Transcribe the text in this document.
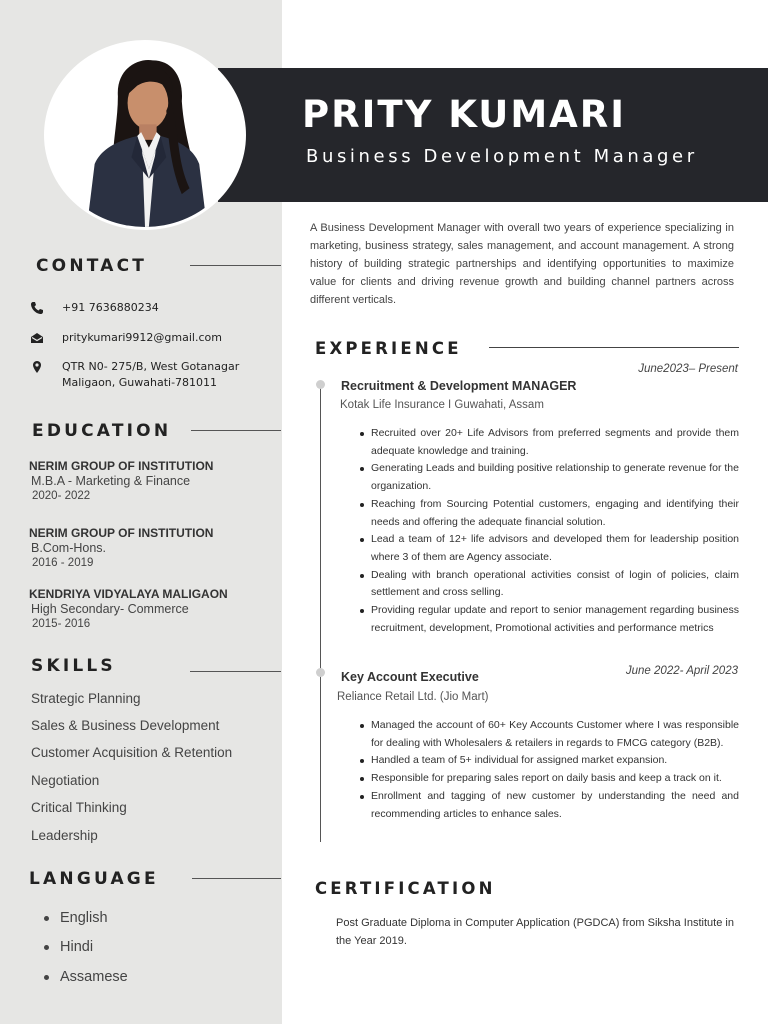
PRITY KUMARI
Business Development Manager
CONTACT
+91 7636880234
pritykumari9912@gmail.com
QTR N0- 275/B, West Gotanagar
Maligaon, Guwahati-781011
EDUCATION
NERIM GROUP OF INSTITUTION
M.B.A - Marketing & Finance
2020- 2022
NERIM GROUP OF INSTITUTION
B.Com-Hons.
2016 - 2019
KENDRIYA VIDYALAYA MALIGAON
High Secondary- Commerce
2015- 2016
SKILLS
Strategic Planning
Sales & Business Development
Customer Acquisition & Retention
Negotiation
Critical Thinking
Leadership
LANGUAGE
English
Hindi
Assamese
A Business Development Manager with overall two years of experience specializing in marketing, business strategy, sales management, and account management. A strong history of building strategic partnerships and identifying opportunities to maximize value for clients and driving revenue growth and building channel partners across different verticals.
EXPERIENCE
June2023– Present
Recruitment & Development MANAGER
Kotak Life Insurance I Guwahati, Assam
Recruited over 20+ Life Advisors from preferred segments and provide them adequate knowledge and training.
Generating Leads and building positive relationship to generate revenue for the organization.
Reaching from Sourcing Potential customers, engaging and identifying their needs and offering the adequate financial solution.
Lead a team of 12+ life advisors and developed them for leadership position where 3 of them are Agency associate.
Dealing with branch operational activities consist of login of policies, claim settlement and cross selling.
Providing regular update and report to senior management regarding business recruitment, development, Promotional activities and performance metrics
June 2022- April 2023
Key Account Executive
Reliance Retail Ltd. (Jio Mart)
Managed the account of 60+ Key Accounts Customer where I was responsible for dealing with Wholesalers & retailers in regards to FMCG category (B2B).
Handled a team of 5+ individual for assigned market expansion.
Responsible for preparing sales report on daily basis and keep a track on it.
Enrollment and tagging of new customer by understanding the need and recommending articles to enhance sales.
CERTIFICATION
Post Graduate Diploma in Computer Application (PGDCA) from Siksha Institute in the Year 2019.
